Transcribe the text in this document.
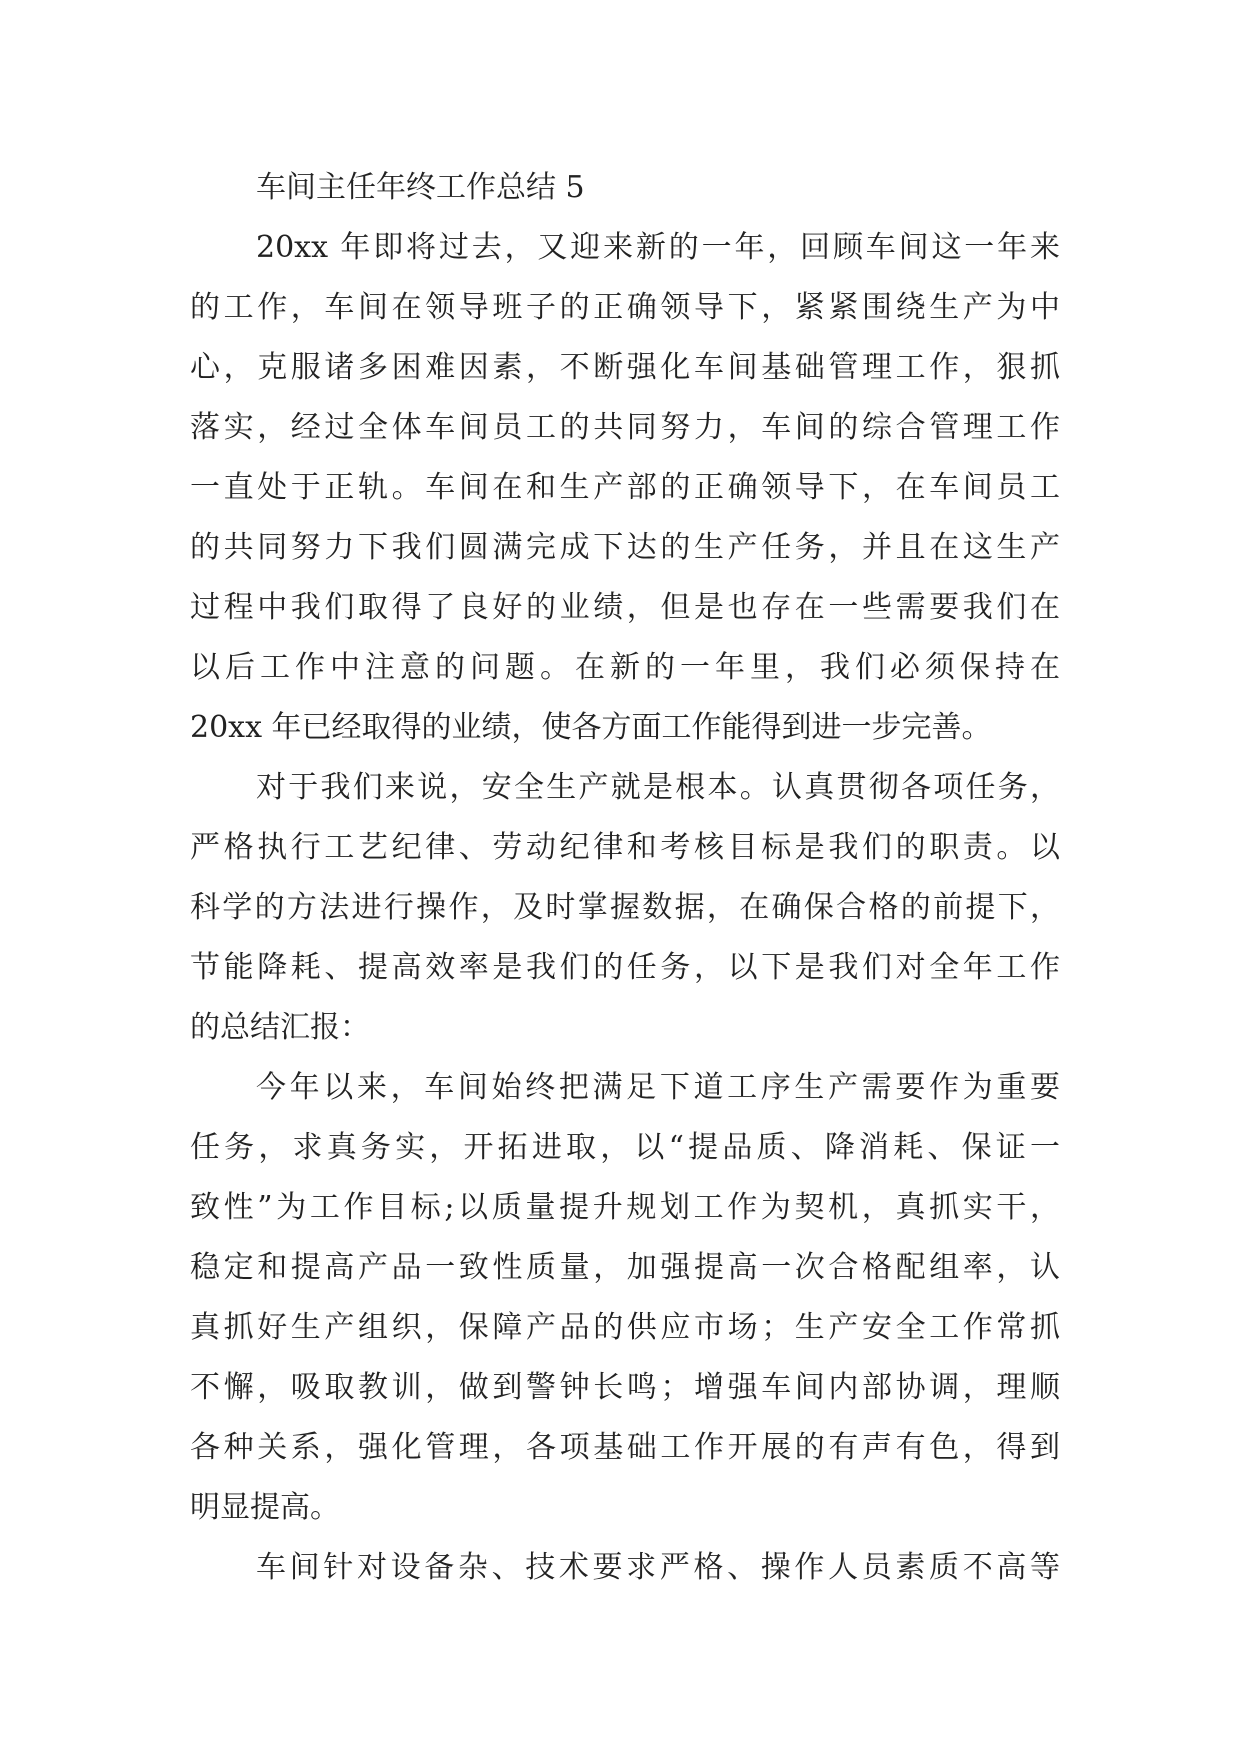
车间主任年终工作总结 5
20xx 年即将过去，又迎来新的一年，回顾车间这一年来
的工作，车间在领导班子的正确领导下，紧紧围绕生产为中
心，克服诸多困难因素，不断强化车间基础管理工作，狠抓
落实，经过全体车间员工的共同努力，车间的综合管理工作
一直处于正轨。车间在和生产部的正确领导下，在车间员工
的共同努力下我们圆满完成下达的生产任务，并且在这生产
过程中我们取得了良好的业绩，但是也存在一些需要我们在
以后工作中注意的问题。在新的一年里，我们必须保持在
20xx 年已经取得的业绩，使各方面工作能得到进一步完善。
对于我们来说，安全生产就是根本。认真贯彻各项任务，
严格执行工艺纪律、劳动纪律和考核目标是我们的职责。以
科学的方法进行操作，及时掌握数据，在确保合格的前提下，
节能降耗、提高效率是我们的任务，以下是我们对全年工作
的总结汇报：
今年以来，车间始终把满足下道工序生产需要作为重要
任务，求真务实，开拓进取，以“提品质、降消耗、保证一
致性”为工作目标;以质量提升规划工作为契机，真抓实干，
稳定和提高产品一致性质量，加强提高一次合格配组率，认
真抓好生产组织，保障产品的供应市场；生产安全工作常抓
不懈，吸取教训，做到警钟长鸣；增强车间内部协调，理顺
各种关系，强化管理，各项基础工作开展的有声有色，得到
明显提高。
车间针对设备杂、技术要求严格、操作人员素质不高等
